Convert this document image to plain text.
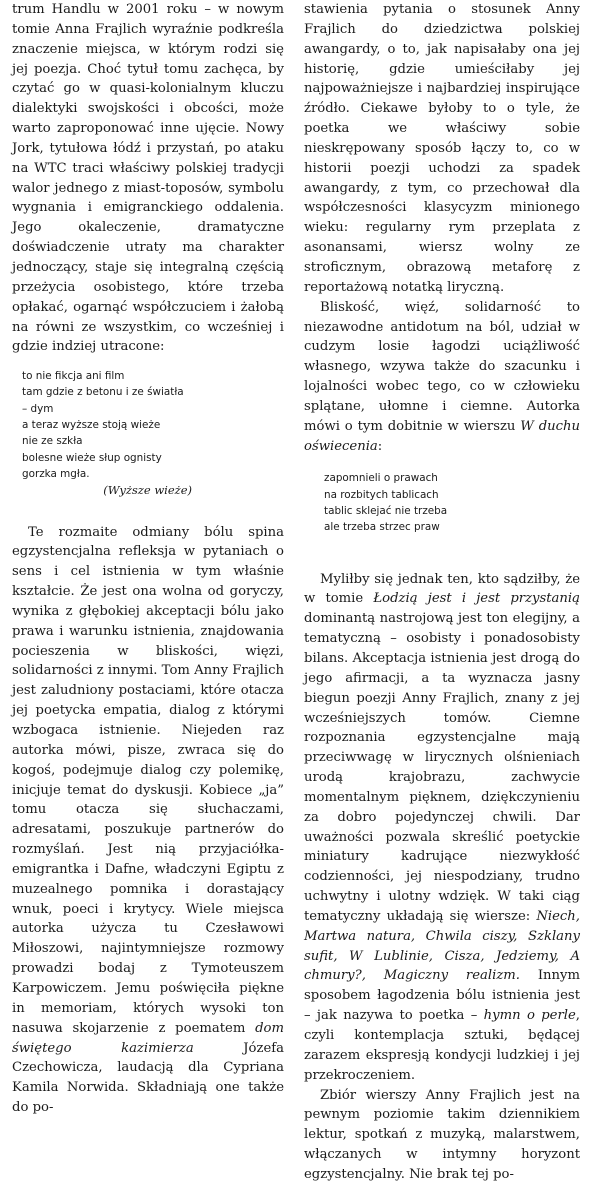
trum Handlu w 2001 roku – w nowym tomie Anna Frajlich wyraźnie podkreśla znaczenie miejsca, w którym rodzi się jej poezja. Choć tytuł tomu zachęca, by czytać go w quasi-kolonialnym kluczu dialektyki swojskości i obcości, może warto zaproponować inne ujęcie. Nowy Jork, tytułowa łódź i przystań, po ataku na WTC traci właściwy polskiej tradycji walor jednego z miast-toposów, symbolu wygnania i emigranckiego oddalenia. Jego okaleczenie, dramatyczne doświadczenie utraty ma charakter jednoczący, staje się integralną częścią przeżycia osobistego, które trzeba opłakać, ogarnąć współczuciem i żałobą na równi ze wszystkim, co wcześniej i gdzie indziej utracone:

to nie fikcja ani film
tam gdzie z betonu i ze światła
– dym
a teraz wyższe stoją wieże
nie ze szkła
bolesne wieże słup ognisty
gorzka mgła.
(Wyższe wieże)

Te rozmaite odmiany bólu spina egzystencjalna refleksja w pytaniach o sens i cel istnienia w tym właśnie kształcie. Że jest ona wolna od goryczy, wynika z głębokiej akceptacji bólu jako prawa i warunku istnienia, znajdowania pocieszenia w bliskości, więzi, solidarności z innymi. Tom Anny Frajlich jest zaludniony postaciami, które otacza jej poetycka empatia, dialog z którymi wzbogaca istnienie. Niejeden raz autorka mówi, pisze, zwraca się do kogoś, podejmuje dialog czy polemikę, inicjuje temat do dyskusji. Kobiece „ja” tomu otacza się słuchaczami, adresatami, poszukuje partnerów do rozmyślań. Jest nią przyjaciółka-emigrantka i Dafne, władczyni Egiptu z muzealnego pomnika i dorastający wnuk, poeci i krytycy. Wiele miejsca autorka użycza tu Czesławowi Miłoszowi, najintymniejsze rozmowy prowadzi bodaj z Tymoteuszem Karpowiczem. Jemu poświęciła piękne in memoriam, których wysoki ton nasuwa skojarzenie z poematem dom świętego kazimierza Józefa Czechowicza, laudacją dla Cypriana Kamila Norwida. Składniają one także do po-

stawienia pytania o stosunek Anny Frajlich do dziedzictwa polskiej awangardy, o to, jak napisałaby ona jej historię, gdzie umieściłaby jej najpoważniejsze i najbardziej inspirujące źródło. Ciekawe byłoby to o tyle, że poetka we właściwy sobie nieskrępowany sposób łączy to, co w historii poezji uchodzi za spadek awangardy, z tym, co przechował dla współczesności klasycyzm minionego wieku: regularny rym przeplata z asonansami, wiersz wolny ze stroficznym, obrazową metaforę z reportażową notatką liryczną.

Bliskość, więź, solidarność to niezawodne antidotum na ból, udział w cudzym losie łagodzi uciążliwość własnego, wzywa także do szacunku i lojalności wobec tego, co w człowieku splątane, ułomne i ciemne. Autorka mówi o tym dobitnie w wierszu W duchu oświecenia:

zapomnieli o prawach
na rozbitych tablicach
tablic sklejać nie trzeba
ale trzeba strzec praw

Myliłby się jednak ten, kto sądziłby, że w tomie Łodzią jest i jest przystanią dominantą nastrojową jest ton elegijny, a tematyczną – osobisty i ponadosobisty bilans. Akceptacja istnienia jest drogą do jego afirmacji, a ta wyznacza jasny biegun poezji Anny Frajlich, znany z jej wcześniejszych tomów. Ciemne rozpoznania egzystencjalne mają przeciwwagę w lirycznych olśnieniach urodą krajobrazu, zachwycie momentalnym pięknem, dziękczynieniu za dobro pojedynczej chwili. Dar uważności pozwala skreślić poetyckie miniatury kadrujące niezwykłość codzienności, jej niespodziany, trudno uchwytny i ulotny wdzięk. W taki ciąg tematyczny układają się wiersze: Niech, Martwa natura, Chwila ciszy, Szklany sufit, W Lublinie, Cisza, Jedziemy, A chmury?, Magiczny realizm. Innym sposobem łagodzenia bólu istnienia jest – jak nazywa to poetka – hymn o perle, czyli kontemplacja sztuki, będącej zarazem ekspresją kondycji ludzkiej i jej przekroczeniem.

Zbiór wierszy Anny Frajlich jest na pewnym poziomie takim dziennikiem lektur, spotkań z muzyką, malarstwem, włączanych w intymny horyzont egzystencjalny. Nie brak tej po-
